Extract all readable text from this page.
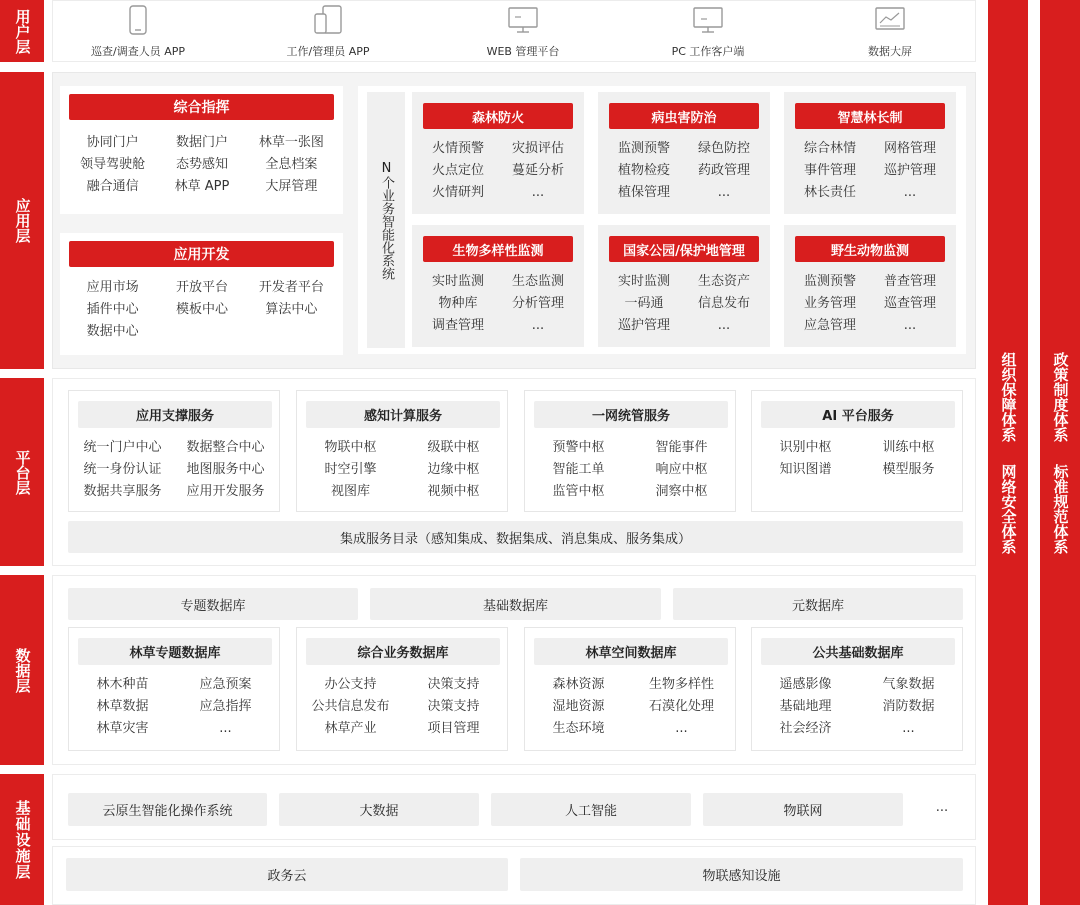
用户层
应用层
平台层
数据层
基础设施层
组织保障体系
网络安全体系
政策制度体系
标准规范体系
巡查/调查人员 APP	工作/管理员 APP	WEB 管理平台	PC 工作客户端	数据大屏
综合指挥
协同门户	数据门户	林草一张图
领导驾驶舱	态势感知	全息档案
融合通信	林草 APP	大屏管理
应用开发
应用市场	开放平台	开发者平台
插件中心	模板中心	算法中心
数据中心
N个业务智能化系统
森林防火
火情预警	灾损评估
火点定位	蔓延分析
火情研判	...
病虫害防治
监测预警	绿色防控
植物检疫	药政管理
植保管理	...
智慧林长制
综合林情	网格管理
事件管理	巡护管理
林长责任	...
生物多样性监测
实时监测	生态监测
物种库	分析管理
调查管理	...
国家公园/保护地管理
实时监测	生态资产
一码通	信息发布
巡护管理	...
野生动物监测
监测预警	普查管理
业务管理	巡查管理
应急管理	...
应用支撑服务
统一门户中心	数据整合中心
统一身份认证	地图服务中心
数据共享服务	应用开发服务
感知计算服务
物联中枢	级联中枢
时空引擎	边缘中枢
视图库	视频中枢
一网统管服务
预警中枢	智能事件
智能工单	响应中枢
监管中枢	洞察中枢
AI 平台服务
识别中枢	训练中枢
知识图谱	模型服务
集成服务目录（感知集成、数据集成、消息集成、服务集成）
专题数据库	基础数据库	元数据库
林草专题数据库
林木种苗	应急预案
林草数据	应急指挥
林草灾害	...
综合业务数据库
办公支持	决策支持
公共信息发布	决策支持
林草产业	项目管理
林草空间数据库
森林资源	生物多样性
湿地资源	石漠化处理
生态环境	...
公共基础数据库
遥感影像	气象数据
基础地理	消防数据
社会经济	...
云原生智能化操作系统	大数据	人工智能	物联网	...
政务云	物联感知设施
